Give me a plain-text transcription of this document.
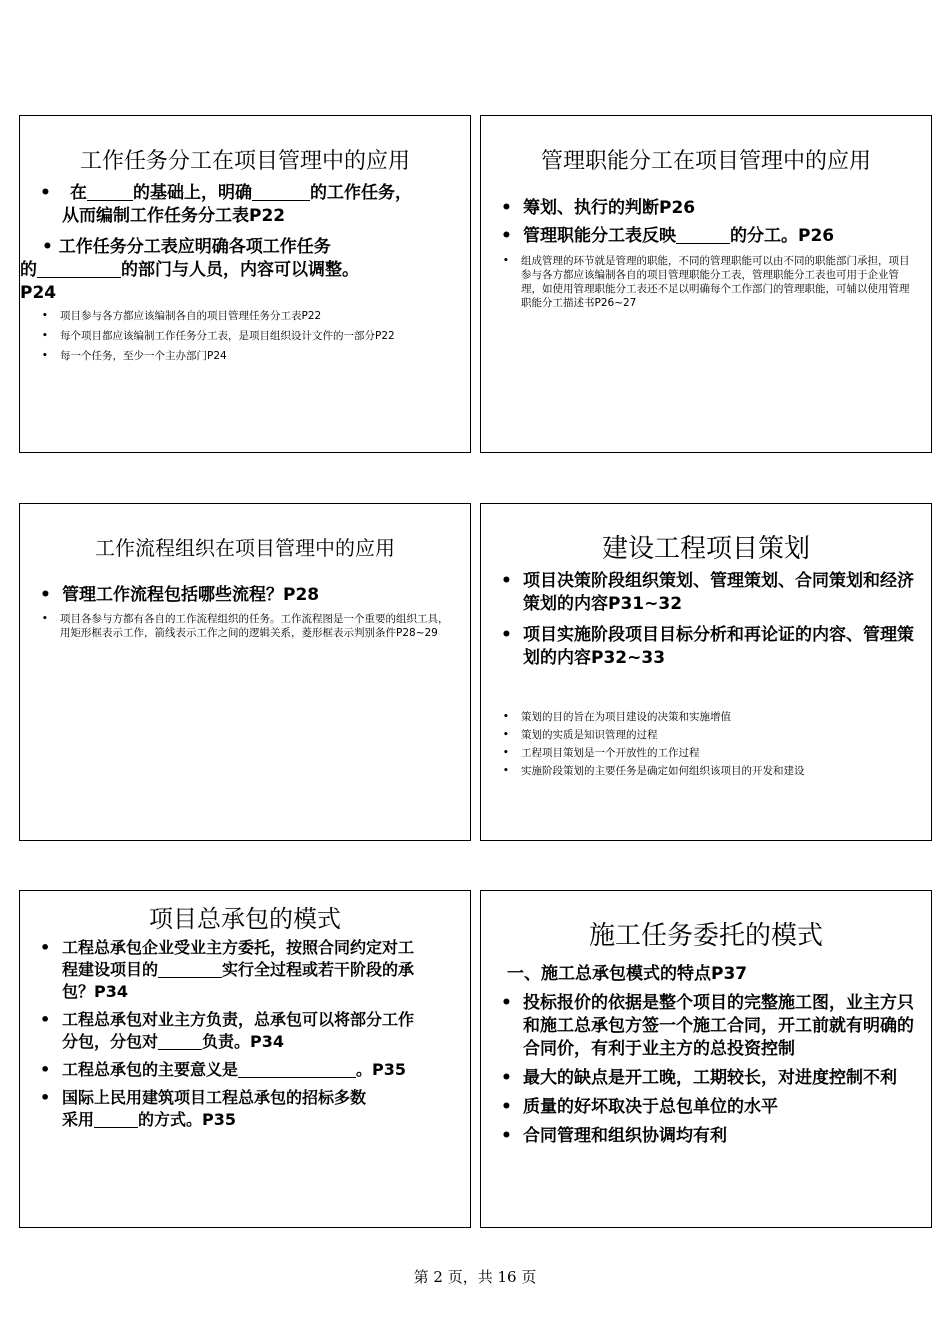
工作任务分工在项目管理中的应用

• 在	的基础上，明确	的工作任务，
从而编制工作任务分工表P22

• 工作任务分工表应明确各项工作任务
的	的部门与人员，内容可以调整。
P24

• 项目参与各方都应该编制各自的项目管理任务分工表P22

• 每个项目都应该编制工作任务分工表，是项目组织设计文件的一部分P22

• 每一个任务，至少一个主办部门P24

管理职能分工在项目管理中的应用

• 筹划、执行的判断P26

• 管理职能分工表反映	的分工。P26

• 组成管理的环节就是管理的职能，不同的管理职能可以由不同的职能部门承担，项目参与各方都应该编制各自的项目管理职能分工表，管理职能分工表也可用于企业管理，如使用管理职能分工表还不足以明确每个工作部门的管理职能，可辅以使用管理职能分工描述书P26~27

工作流程组织在项目管理中的应用

• 管理工作流程包括哪些流程？P28

• 项目各参与方都有各自的工作流程组织的任务。工作流程图是一个重要的组织工具，用矩形框表示工作，箭线表示工作之间的逻辑关系，菱形框表示判别条件P28~29

建设工程项目策划

• 项目决策阶段组织策划、管理策划、合同策划和经济策划的内容P31~32

• 项目实施阶段项目目标分析和再论证的内容、管理策划的内容P32~33

• 策划的目的旨在为项目建设的决策和实施增值

• 策划的实质是知识管理的过程

• 工程项目策划是一个开放性的工作过程

• 实施阶段策划的主要任务是确定如何组织该项目的开发和建设

项目总承包的模式

• 工程总承包企业受业主方委托，按照合同约定对工
程建设项目的	实行全过程或若干阶段的承
包？P34

• 工程总承包对业主方负责，总承包可以将部分工作
分包，分包对	负责。P34

• 工程总承包的主要意义是	。P35

• 国际上民用建筑项目工程总承包的招标多数
采用	的方式。P35

施工任务委托的模式

一、施工总承包模式的特点P37

• 投标报价的依据是整个项目的完整施工图，业主方只和施工总承包方签一个施工合同，开工前就有明确的合同价，有利于业主方的总投资控制

• 最大的缺点是开工晚，工期较长，对进度控制不利

• 质量的好坏取决于总包单位的水平

• 合同管理和组织协调均有利

第 2 页，共 16 页
